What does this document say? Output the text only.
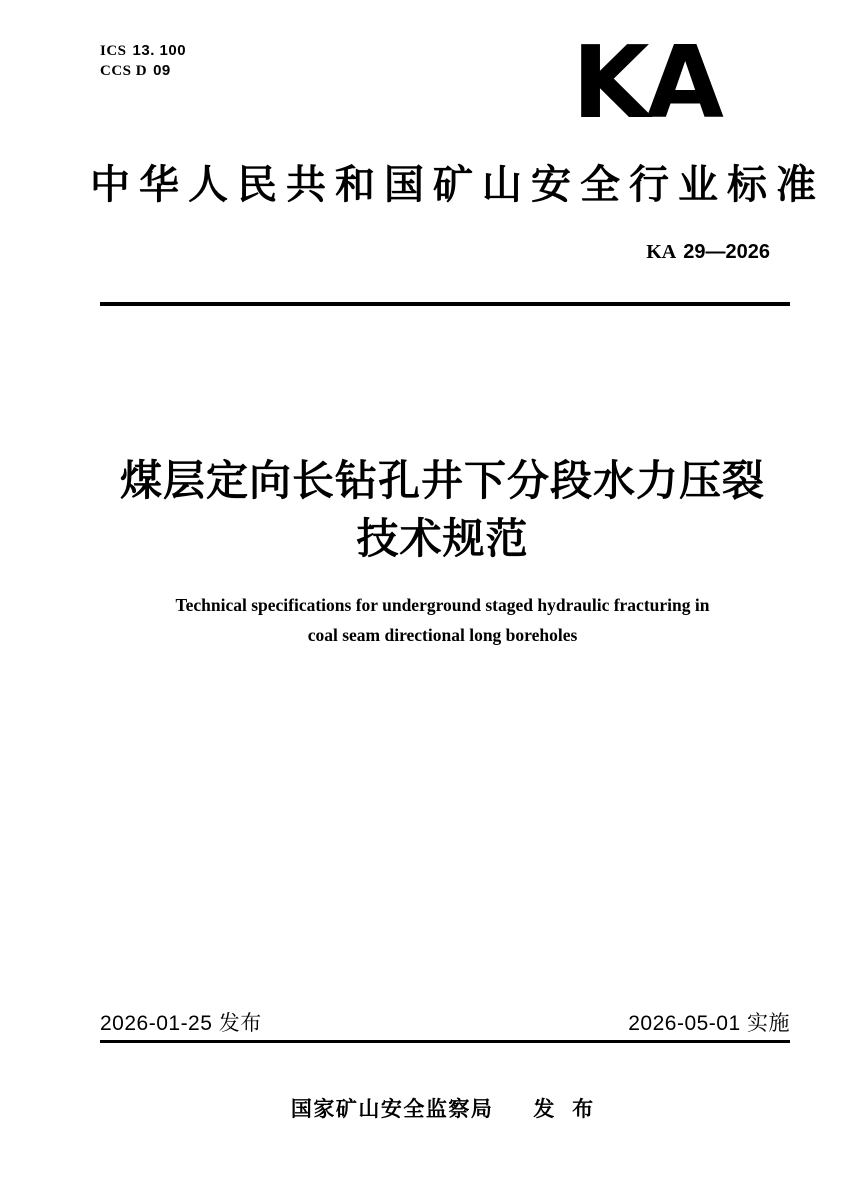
ICS 13. 100
CCS D 09	KA
中华人民共和国矿山安全行业标准
KA 29—2026
煤层定向长钻孔井下分段水力压裂
技术规范
Technical specifications for underground staged hydraulic fracturing in
coal seam directional long boreholes
2026-01-25 发布	2026-05-01 实施
国家矿山安全监察局 发 布
